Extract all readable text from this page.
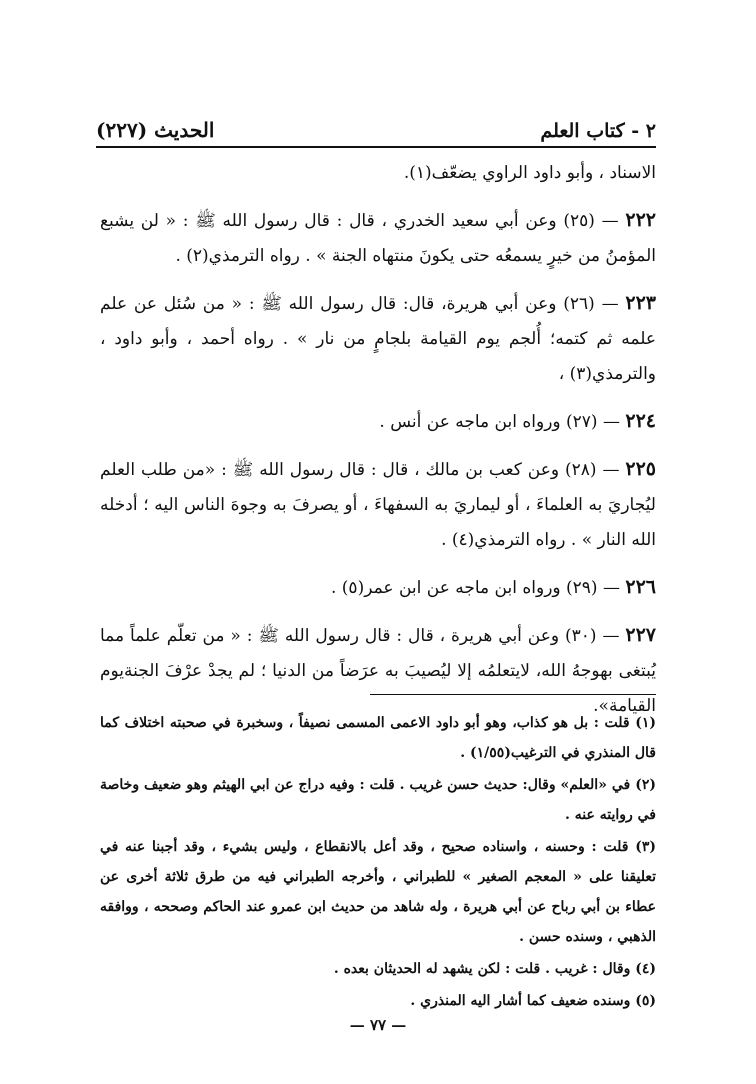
٢ - كتاب العلم
الحديث (٢٢٧)

الاسناد ، وأبو داود الراوي يضعّف(١).

٢٢٢ — (٢٥) وعن أبي سعيد الخدري ، قال : قال رسول الله ﷺ : « لن يشبع المؤمنُ من خيرٍ يسمعُه حتى يكونَ منتهاه الجنة » . رواه الترمذي(٢) .

٢٢٣ — (٢٦) وعن أبي هريرة، قال: قال رسول الله ﷺ : « من سُئل عن علم علمه ثم كتمه؛ أُلجم يوم القيامة بلجامٍ من نار » . رواه أحمد ، وأبو داود ، والترمذي(٣) ،

٢٢٤ — (٢٧) ورواه ابن ماجه عن أنس .

٢٢٥ — (٢٨) وعن كعب بن مالك ، قال : قال رسول الله ﷺ : «من طلب العلم ليُجاريَ به العلماءَ ، أو ليماريَ به السفهاءَ ، أو يصرفَ به وجوهَ الناس اليه ؛ أدخله الله النار » . رواه الترمذي(٤) .

٢٢٦ — (٢٩) ورواه ابن ماجه عن ابن عمر(٥) .

٢٢٧ — (٣٠) وعن أبي هريرة ، قال : قال رسول الله ﷺ : « من تعلّم علماً مما يُبتغى بهوجهُ الله، لايتعلمُه إلا ليُصيبَ به عرَضاً من الدنيا ؛ لم يجدْ عرْفَ الجنةيوم القيامة».

(١) قلت : بل هو كذاب، وهو أبو داود الاعمى المسمى نصيفاً ، وسخبرة في صحبته اختلاف كما قال المنذري في الترغيب(١/٥٥) .

(٢) في «العلم» وقال: حديث حسن غريب . قلت : وفيه دراج عن ابي الهيثم وهو ضعيف وخاصة في روايته عنه .

(٣) قلت : وحسنه ، واسناده صحيح ، وقد أعل بالانقطاع ، وليس بشيء ، وقد أجبنا عنه في تعليقنا على « المعجم الصغير » للطبراني ، وأخرجه الطبراني فيه من طرق ثلاثة أخرى عن عطاء بن أبي رباح عن أبي هريرة ، وله شاهد من حديث ابن عمرو عند الحاكم وصححه ، ووافقه الذهبي ، وسنده حسن .

(٤) وقال : غريب . قلت : لكن يشهد له الحديثان بعده .

(٥) وسنده ضعيف كما أشار اليه المنذري .

— ٧٧ —
